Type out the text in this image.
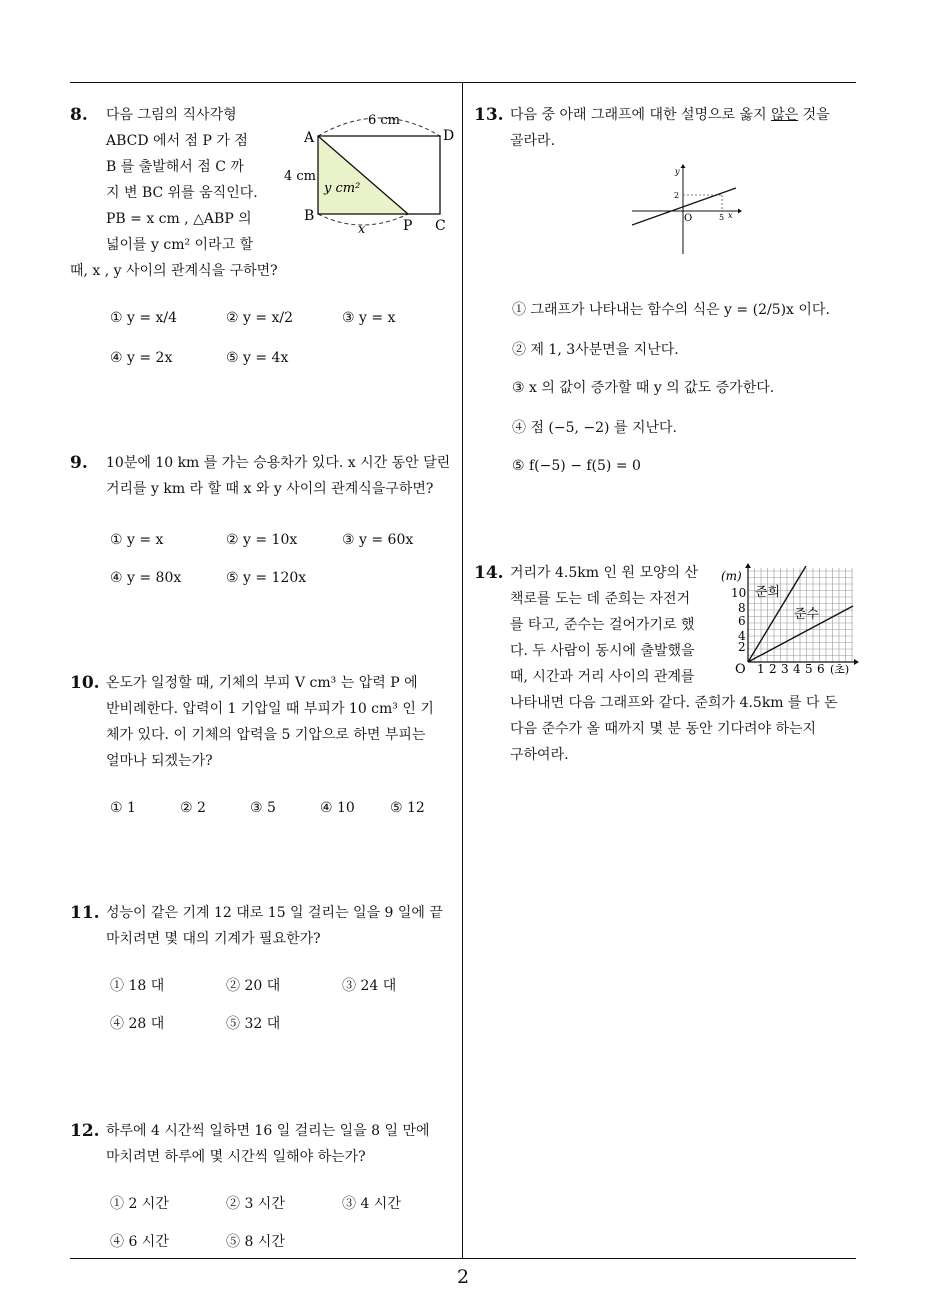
2
8. 다음 그림의 직사각형

ABCD 에서 점 P 가 점

B 를 출발해서 점 C 까

지 변 BC 위를 움직인다.

PB = x cm , △ABP 의

넓이를 y cm² 이라고 할

때, x , y 사이의 관계식을 구하면?

A	D
B
P C
6 cm
4 cm
y cm²
x
① y = x/4	② y = x/2	③ y = x
④ y = 2x	⑤ y = 4x
9. 10분에 10 km 를 가는 승용차가 있다. x 시간 동안 달린

거리를 y km 라 할 때 x 와 y 사이의 관계식을구하면?

① y = x	② y = 10x	③ y = 60x
④ y = 80x	⑤ y = 120x
10. 온도가 일정할 때, 기체의 부피 V cm³ 는 압력 P 에

반비례한다. 압력이 1 기압일 때 부피가 10 cm³ 인 기

체가 있다. 이 기체의 압력을 5 기압으로 하면 부피는

얼마나 되겠는가?

① 1	② 2	③ 5	④ 10	⑤ 12
11. 성능이 같은 기계 12 대로 15 일 걸리는 일을 9 일에 끝

마치려면 몇 대의 기계가 필요한가?

① 18 대	② 20 대	③ 24 대
④ 28 대	⑤ 32 대
12. 하루에 4 시간씩 일하면 16 일 걸리는 일을 8 일 만에

마치려면 하루에 몇 시간씩 일해야 하는가?

① 2 시간	② 3 시간	③ 4 시간
④ 6 시간	⑤ 8 시간
13. 다음 중 아래 그래프에 대한 설명으로 옳지 않은 것을

골라라.

y
x
O
2
5
① 그래프가 나타내는 함수의 식은 y = (2/5)x 이다.
② 제 1, 3사분면을 지난다.
③ x 의 값이 증가할 때 y 의 값도 증가한다.
④ 점 (−5, −2) 를 지난다.
⑤ f(−5) − f(5) = 0
14. 거리가 4.5km 인 원 모양의 산

책로를 도는 데 준희는 자전거

를 타고, 준수는 걸어가기로 했

다. 두 사람이 동시에 출발했을

때, 시간과 거리 사이의 관계를

나타내면 다음 그래프와 같다. 준희가 4.5km 를 다 돈

다음 준수가 올 때까지 몇 분 동안 기다려야 하는지

구하여라.

(m)
(초)
O
2
4
6
8
10
1 2 3 4 5 6
준희
준수
